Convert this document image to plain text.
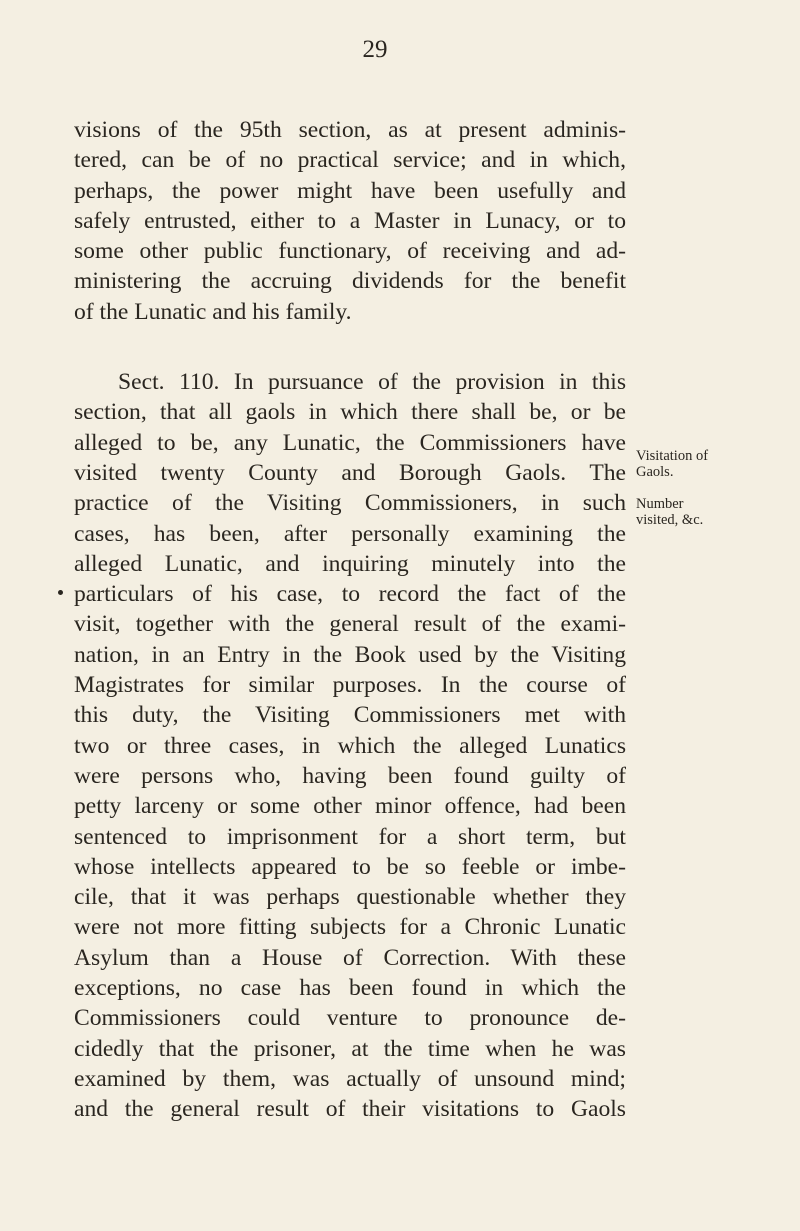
29
visions of the 95th section, as at present adminis-
tered, can be of no practical service; and in which,
perhaps, the power might have been usefully and
safely entrusted, either to a Master in Lunacy, or to
some other public functionary, of receiving and ad-
ministering the accruing dividends for the benefit
of the Lunatic and his family.
Sect. 110. In pursuance of the provision in this
section, that all gaols in which there shall be, or be
alleged to be, any Lunatic, the Commissioners have
visited twenty County and Borough Gaols. The
practice of the Visiting Commissioners, in such
cases, has been, after personally examining the
alleged Lunatic, and inquiring minutely into the
particulars of his case, to record the fact of the
visit, together with the general result of the exami-
nation, in an Entry in the Book used by the Visiting
Magistrates for similar purposes. In the course of
this duty, the Visiting Commissioners met with
two or three cases, in which the alleged Lunatics
were persons who, having been found guilty of
petty larceny or some other minor offence, had been
sentenced to imprisonment for a short term, but
whose intellects appeared to be so feeble or imbe-
cile, that it was perhaps questionable whether they
were not more fitting subjects for a Chronic Lunatic
Asylum than a House of Correction. With these
exceptions, no case has been found in which the
Commissioners could venture to pronounce de-
cidedly that the prisoner, at the time when he was
examined by them, was actually of unsound mind;
and the general result of their visitations to Gaols
Visitation of
Gaols.
Number
visited, &c.
